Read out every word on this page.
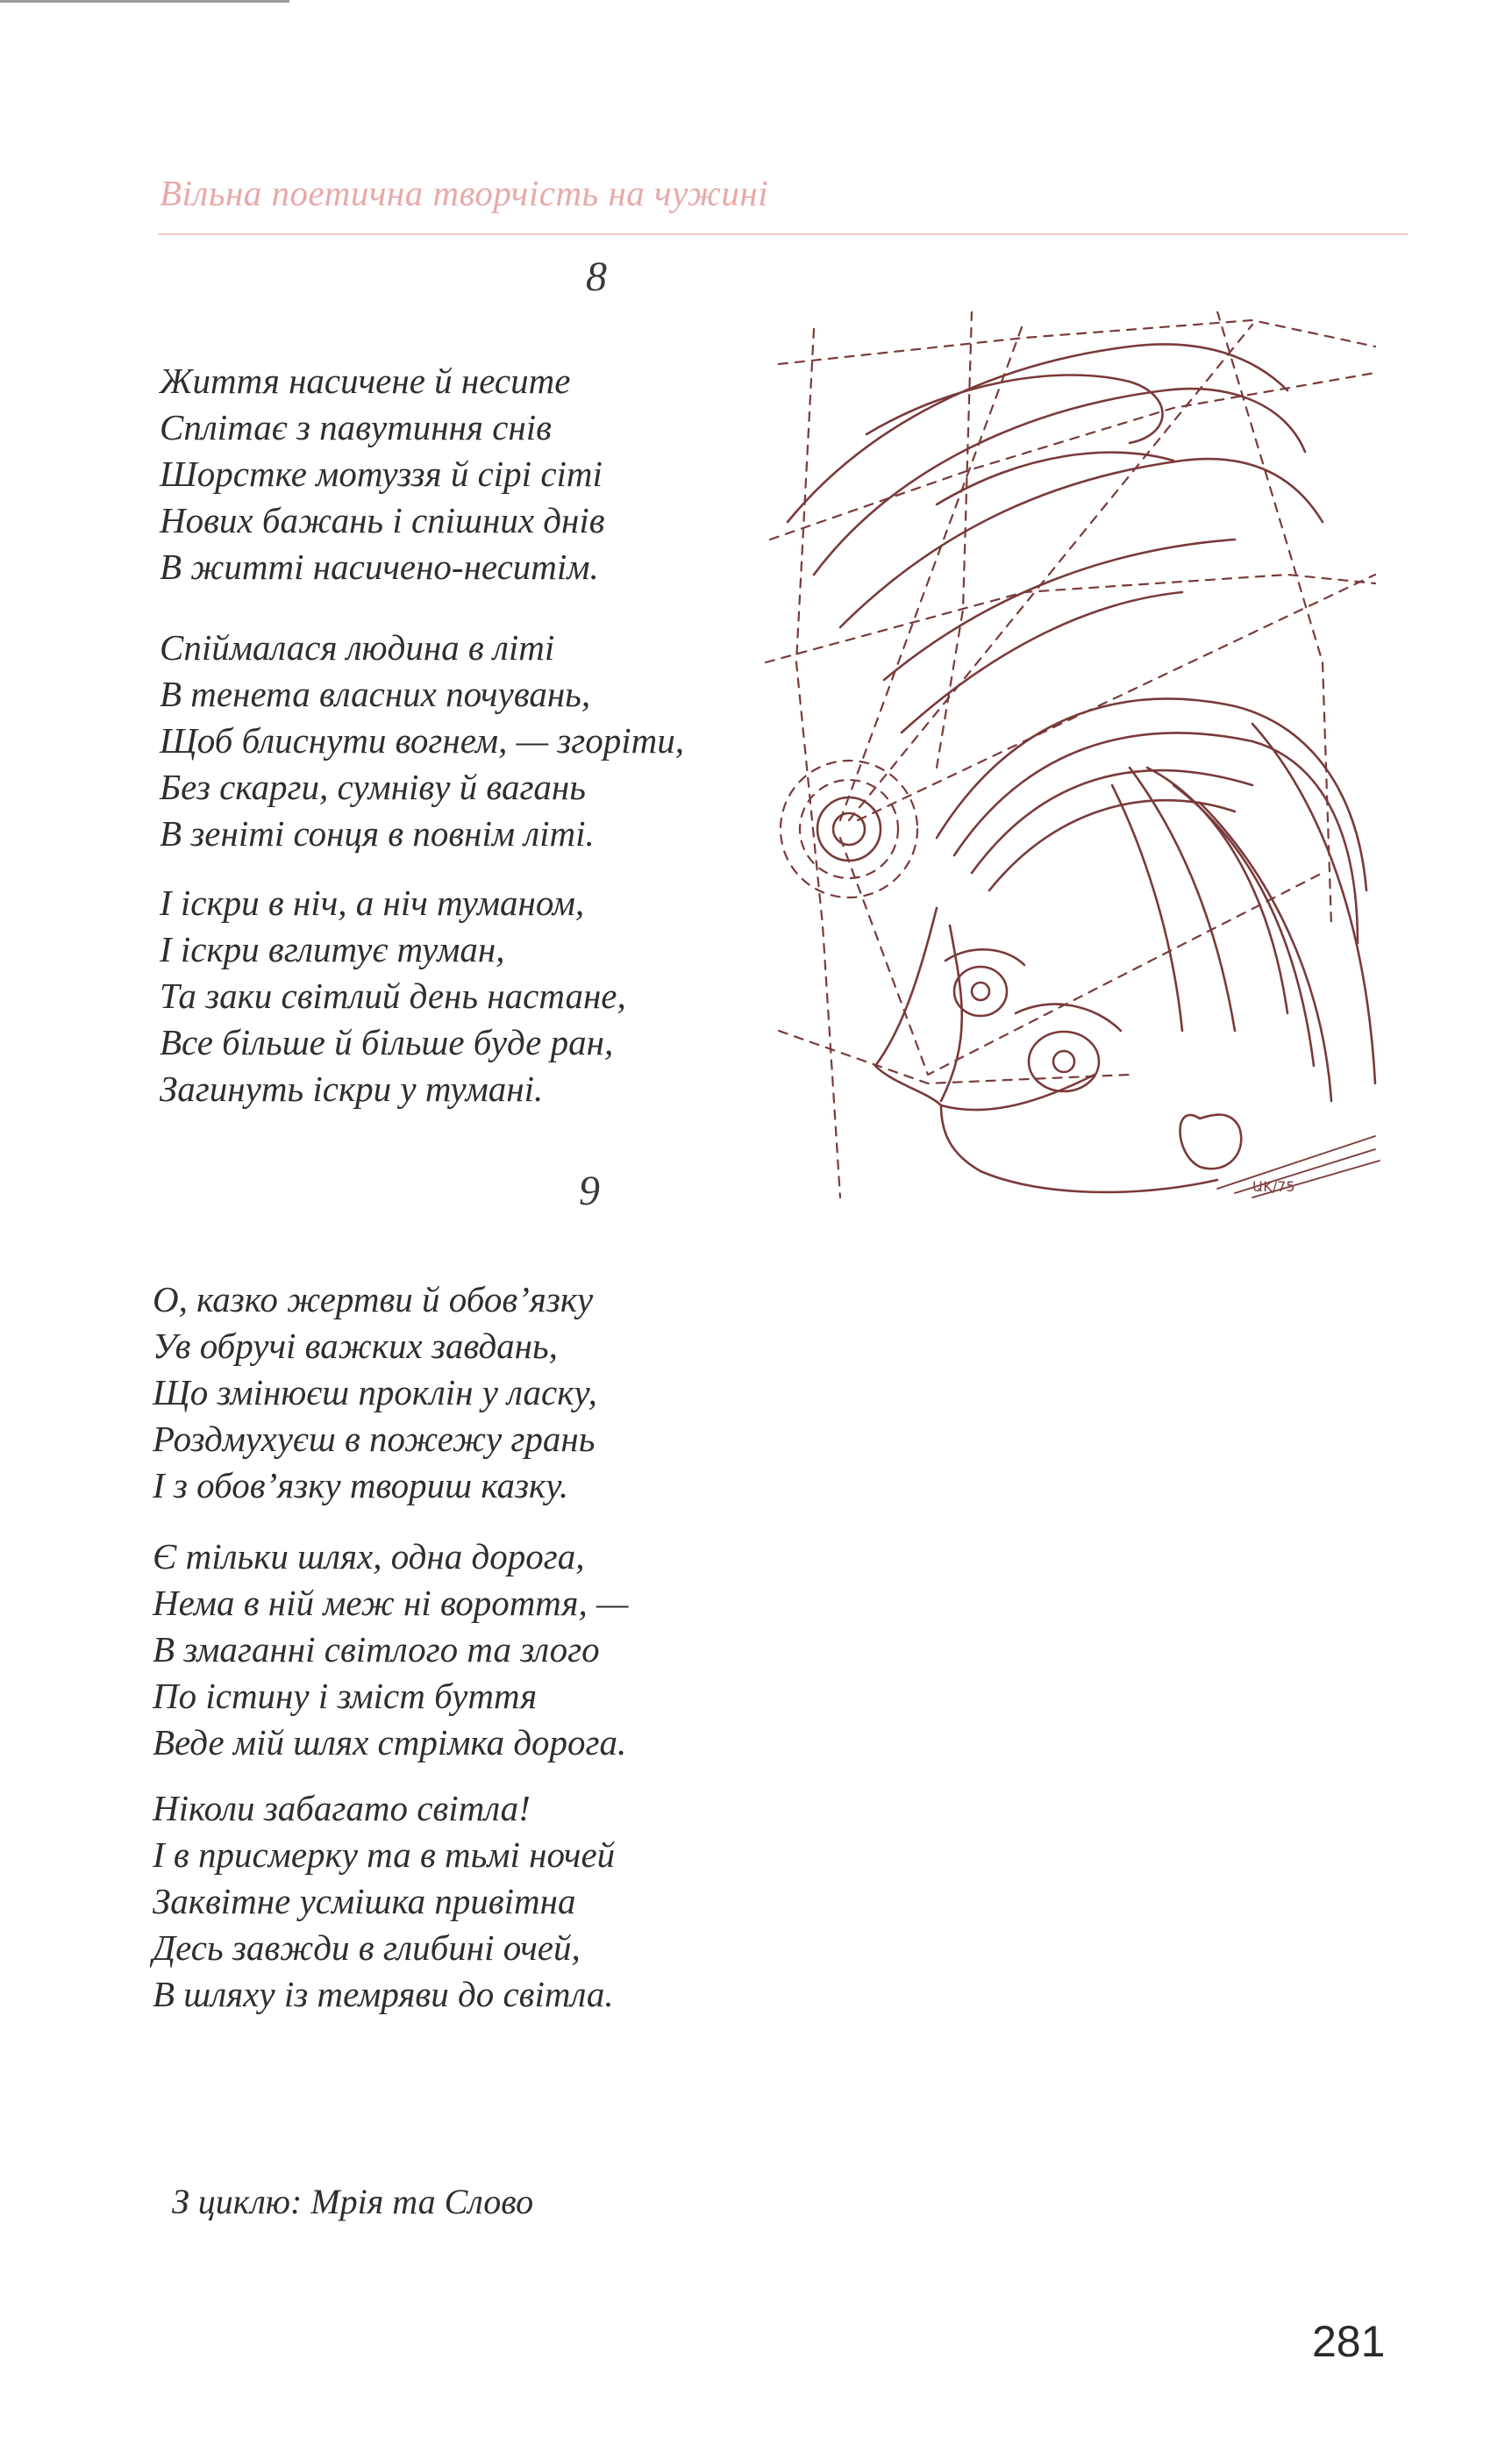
Вільна поетична творчість на чужині
8
Життя насичене й несите
Сплітає з павутиння снів
Шорстке мотуззя й сірі сіті
Нових бажань і спішних днів
В житті насичено-неситім.
Спіймалася людина в літі
В тенета власних почувань,
Щоб блиснути вогнем, — згоріти,
Без скарги, сумніву й вагань
В зеніті сонця в повнім літі.
І іскри в ніч, а ніч туманом,
І іскри вглитує туман,
Та заки світлий день настане,
Все більше й більше буде ран,
Загинуть іскри у тумані.
9
О, казко жертви й обов’язку
Ув обручі важких завдань,
Що змінюєш проклін у ласку,
Роздмухуєш в пожежу грань
І з обов’язку твориш казку.
Є тільки шлях, одна дорога,
Нема в ній меж ні вороття, —
В змаганні світлого та злого
По істину і зміст буття
Веде мій шлях стрімка дорога.
Ніколи забагато світла!
І в присмерку та в тьмі ночей
Заквітне усмішка привітна
Десь завжди в глибині очей,
В шляху із темряви до світла.
З циклю: Мрія та Слово
281
ԱK/75
